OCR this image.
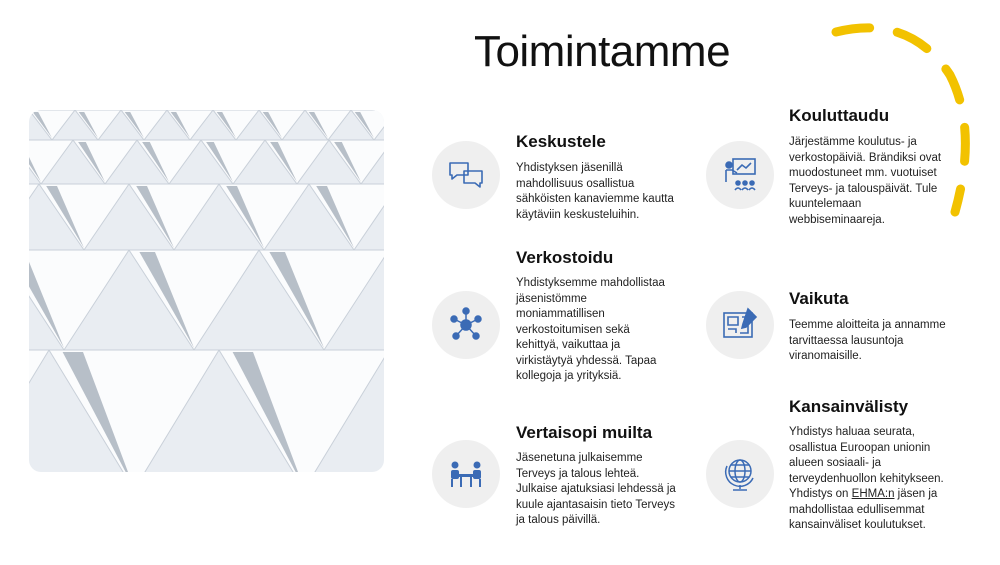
Toimintamme
Keskustele
Yhdistyksen jäsenillä
mahdollisuus osallistua
sähköisten kanaviemme kautta
käytäviin keskusteluihin.
Verkostoidu
Yhdistyksemme mahdollistaa
jäsenistömme
moniammatillisen
verkostoitumisen sekä
kehittyä, vaikuttaa ja
virkistäytyä yhdessä. Tapaa
kollegoja ja yrityksiä.
Vertaisopi muilta
Jäsenetuna julkaisemme
Terveys ja talous lehteä.
Julkaise ajatuksiasi lehdessä ja
kuule ajantasaisin tieto Terveys
ja talous päivillä.
Kouluttaudu
Järjestämme koulutus- ja
verkostopäiviä. Brändiksi ovat
muodostuneet mm. vuotuiset
Terveys- ja talouspäivät. Tule
kuuntelemaan
webbiseminaareja.
Vaikuta
Teemme aloitteita ja annamme
tarvittaessa lausuntoja
viranomaisille.
Kansainvälisty
Yhdistys haluaa seurata,
osallistua Euroopan unionin
alueen sosiaali- ja
terveydenhuollon kehitykseen.
Yhdistys on EHMA:n jäsen ja
mahdollistaa edullisemmat
kansainväliset koulutukset.
